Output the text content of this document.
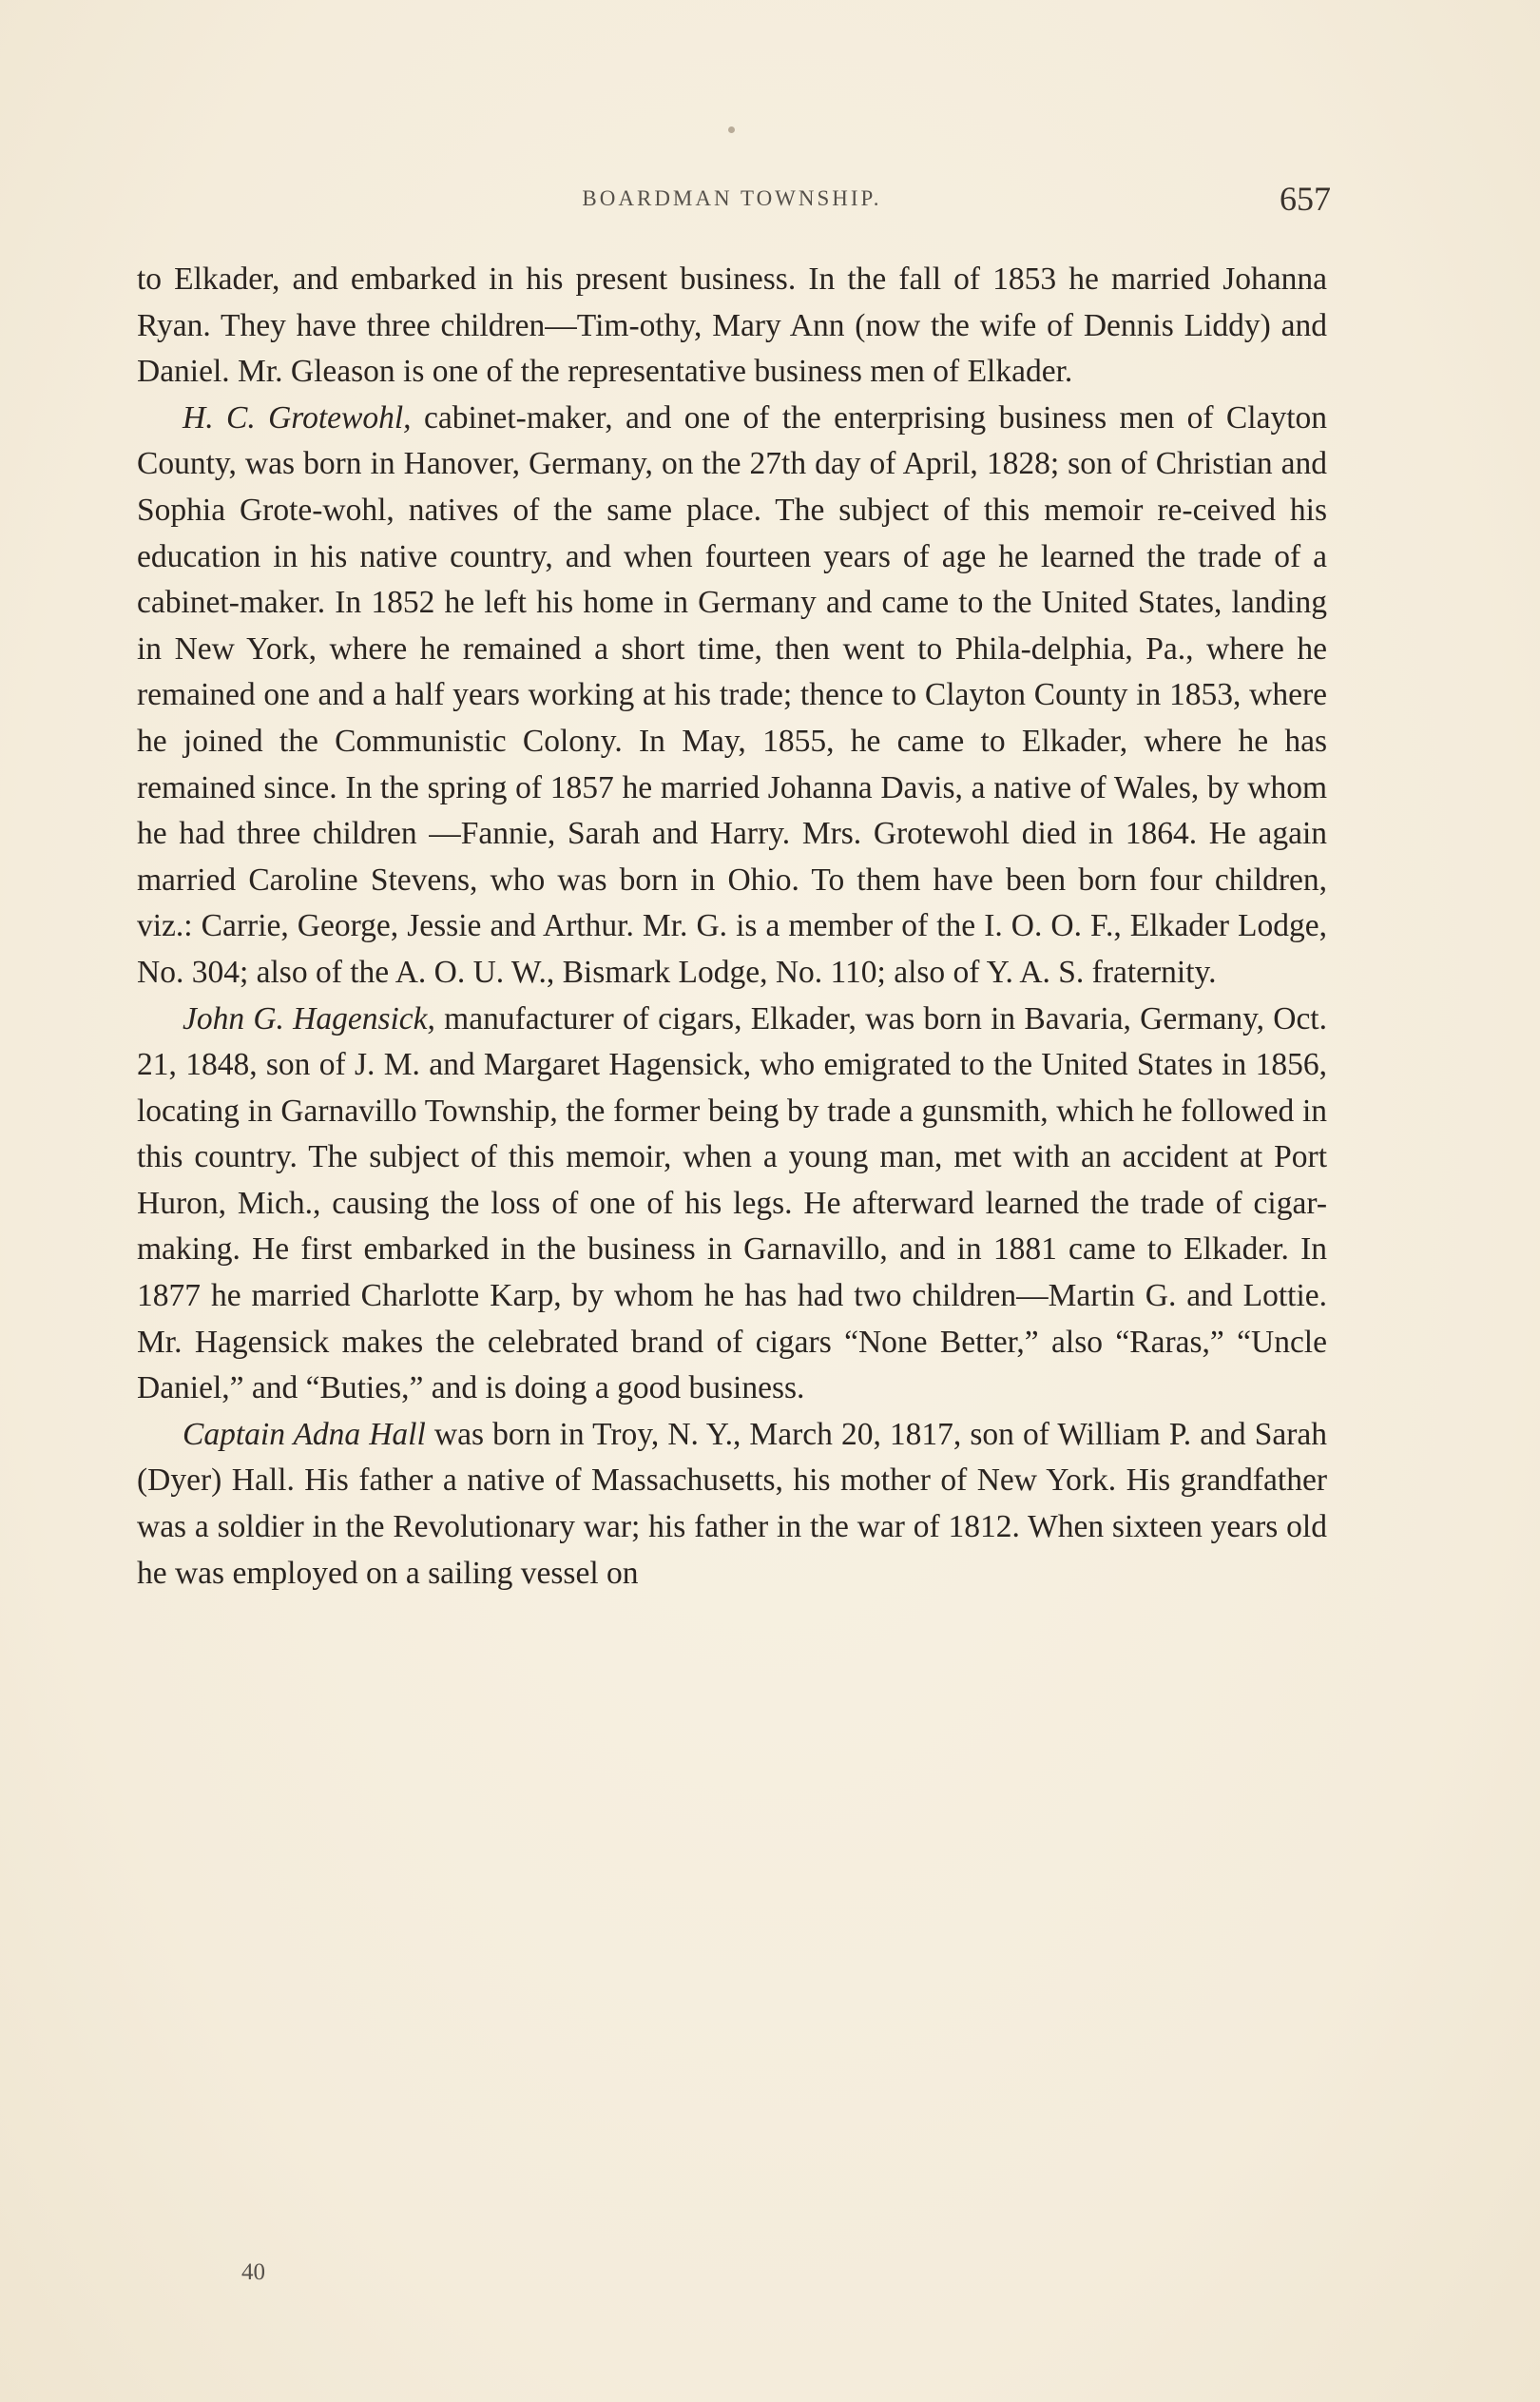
BOARDMAN TOWNSHIP.	657

to Elkader, and embarked in his present business. In the fall of 1853 he married Johanna Ryan. They have three children—Tim-othy, Mary Ann (now the wife of Dennis Liddy) and Daniel. Mr. Gleason is one of the representative business men of Elkader.

H. C. Grotewohl, cabinet-maker, and one of the enterprising business men of Clayton County, was born in Hanover, Germany, on the 27th day of April, 1828; son of Christian and Sophia Grote-wohl, natives of the same place. The subject of this memoir re-ceived his education in his native country, and when fourteen years of age he learned the trade of a cabinet-maker. In 1852 he left his home in Germany and came to the United States, landing in New York, where he remained a short time, then went to Phila-delphia, Pa., where he remained one and a half years working at his trade; thence to Clayton County in 1853, where he joined the Communistic Colony. In May, 1855, he came to Elkader, where he has remained since. In the spring of 1857 he married Johanna Davis, a native of Wales, by whom he had three children —Fannie, Sarah and Harry. Mrs. Grotewohl died in 1864. He again married Caroline Stevens, who was born in Ohio. To them have been born four children, viz.: Carrie, George, Jessie and Arthur. Mr. G. is a member of the I. O. O. F., Elkader Lodge, No. 304; also of the A. O. U. W., Bismark Lodge, No. 110; also of Y. A. S. fraternity.

John G. Hagensick, manufacturer of cigars, Elkader, was born in Bavaria, Germany, Oct. 21, 1848, son of J. M. and Margaret Hagensick, who emigrated to the United States in 1856, locating in Garnavillo Township, the former being by trade a gunsmith, which he followed in this country. The subject of this memoir, when a young man, met with an accident at Port Huron, Mich., causing the loss of one of his legs. He afterward learned the trade of cigar-making. He first embarked in the business in Garnavillo, and in 1881 came to Elkader. In 1877 he married Charlotte Karp, by whom he has had two children—Martin G. and Lottie. Mr. Hagensick makes the celebrated brand of cigars “None Better,” also “Raras,” “Uncle Daniel,” and “Buties,” and is doing a good business.

Captain Adna Hall was born in Troy, N. Y., March 20, 1817, son of William P. and Sarah (Dyer) Hall. His father a native of Massachusetts, his mother of New York. His grandfather was a soldier in the Revolutionary war; his father in the war of 1812. When sixteen years old he was employed on a sailing vessel on

40
